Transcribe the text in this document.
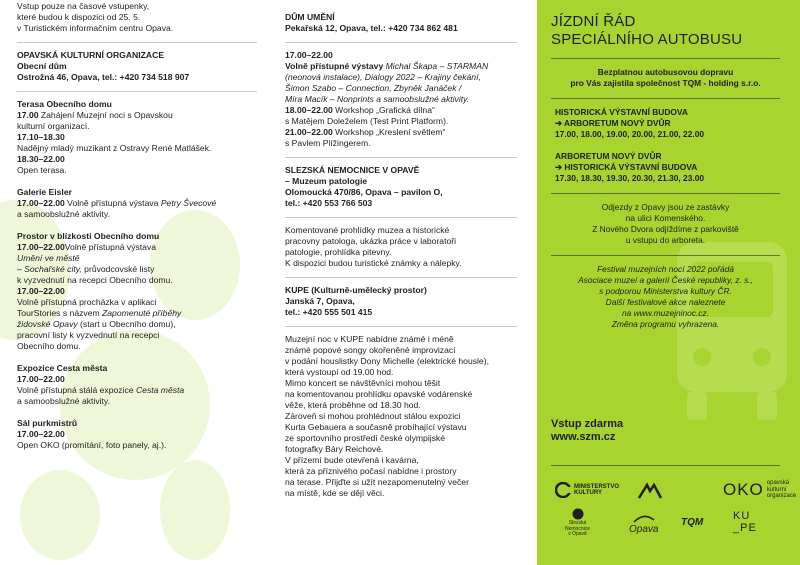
Vstup pouze na časové vstupenky,
které budou k dispozici od 25. 5.
v Turistickém informačním centru Opava.
OPAVSKÁ KULTURNÍ ORGANIZACE
Obecní dům
Ostrožná 46, Opava, tel.: +420 734 518 907
Terasa Obecního domu
17.00 Zahájení Muzejní noci s Opavskou
kulturní organizací.
17.10–18.30
Nadějný mladý muzikant z Ostravy René Matlášek.
18.30–22.00
Open terasa.
Galerie Eisler
17.00–22.00 Volně přístupná výstava Petry Švecové
a samoobslužné aktivity.
Prostor v blízkosti Obecního domu
17.00–22.00Volně přístupná výstava
Umění ve městě
– Sochařské city, průvodcovské listy
k vyzvednutí na recepci Obecního domu.
17.00–22.00
Volně přístupná procházka v aplikaci
TourStories s názvem Zapomenuté příběhy
židovské Opavy (start u Obecního domu),
pracovní listy k vyzvednutí na recepci
Obecního domu.
Expozice Cesta města
17.00–22.00
Volně přístupná stálá expozice Cesta města
a samoobslužné aktivity.
Sál purkmistrů
17.00–22.00
Open OKO (promítání, foto panely, aj.).
DŮM UMĚNÍ
Pekařská 12, Opava, tel.: +420 734 862 481
17.00–22.00
Volně přístupné výstavy Michal Škapa – STARMAN
(neonová instalace), Dialogy 2022 – Krajiny čekání,
Šimon Szabo – Connection, Zbyněk Janáček /
Míra Macík – Nonprints a samoobslužné aktivity.
18.00–22.00 Workshop „Grafická dílna“
s Matějem Doleželem (Test Print Platform).
21.00–22.00 Workshop „Kreslení světlem“
s Pavlem Plížingerem.
SLEZSKÁ NEMOCNICE V OPAVĚ
– Muzeum patologie
Olomoucká 470/86, Opava – pavilon O,
tel.: +420 553 766 503
Komentované prohlídky muzea a historické
pracovny patologa, ukázka práce v laboratoři
patologie, prohlídka pitevny.
K dispozici budou turistické známky a nálepky.
KUPE (Kulturně-umělecký prostor)
Janská 7, Opava,
tel.: +420 555 501 415
Muzejní noc v KUPE nabídne známé i méně
známé popové songy okořeněné improvizací
v podání houslistky Dony Michelle (elektrické housle),
která vystoupí od 19.00 hod.
Mimo koncert se návštěvníci mohou těšit
na komentovanou prohlídku opavské vodárenské
věže, která proběhne od 18.30 hod.
Zároveň si mohou prohlédnout stálou expozici
Kurta Gebauera a současně probíhající výstavu
ze sportovního prostředí české olympijské
fotografky Báry Reichové.
V přízemí bude otevřená i kavárna,
která za příznivého počasí nabídne i prostory
na terase. Přijďte si užít nezapomenutelný večer
na místě, kde se dějí věci.
JÍZDNÍ ŘÁD
SPECIÁLNÍHO AUTOBUSU
Bezplatnou autobusovou dopravu
pro Vás zajistila společnost TQM - holding s.r.o.
HISTORICKÁ VÝSTAVNÍ BUDOVA
➔ ARBORETUM NOVÝ DVŮR
17.00, 18.00, 19.00, 20.00, 21.00, 22.00
ARBORETUM NOVÝ DVŮR
➔ HISTORICKÁ VÝSTAVNÍ BUDOVA
17.30, 18.30, 19.30, 20.30, 21.30, 23.00
Odjezdy z Opavy jsou ze zastávky
na ulici Komenského.
Z Nového Dvora odjíždíme z parkoviště
u vstupu do arboreta.
Festival muzejních nocí 2022 pořádá
Asociace muzeí a galerií České republiky, z. s.,
s podporou Ministerstva kultury ČR.
Další festivalové akce naleznete
na www.muzejninoc.cz.
Změna programu vyhrazena.
Vstup zdarma
www.szm.cz
MINISTERSTVO
KULTURY	OKO opavská
kulturní
organizace
Slezská
Nemocnice
v Opavě	Opava
TQM
KU
_PE
